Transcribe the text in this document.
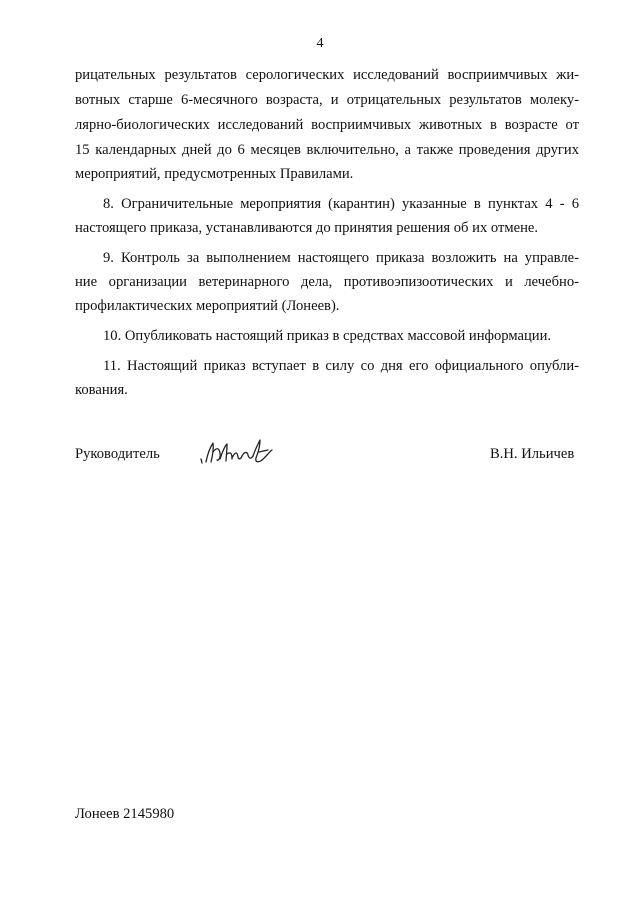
4
рицательных результатов серологических исследований восприимчивых жи-
вотных старше 6-месячного возраста, и отрицательных результатов молеку-
лярно-биологических исследований восприимчивых животных в возрасте от
15 календарных дней до 6 месяцев включительно, а также проведения других
мероприятий, предусмотренных Правилами.
8. Ограничительные мероприятия (карантин) указанные в пунктах 4 - 6
настоящего приказа, устанавливаются до принятия решения об их отмене.
9. Контроль за выполнением настоящего приказа возложить на управле-
ние организации ветеринарного дела, противоэпизоотических и лечебно-
профилактических мероприятий (Лонеев).
10. Опубликовать настоящий приказ в средствах массовой информации.
11. Настоящий приказ вступает в силу со дня его официального опубли-
кования.
Руководитель	В.Н. Ильичев
Лонеев 2145980
